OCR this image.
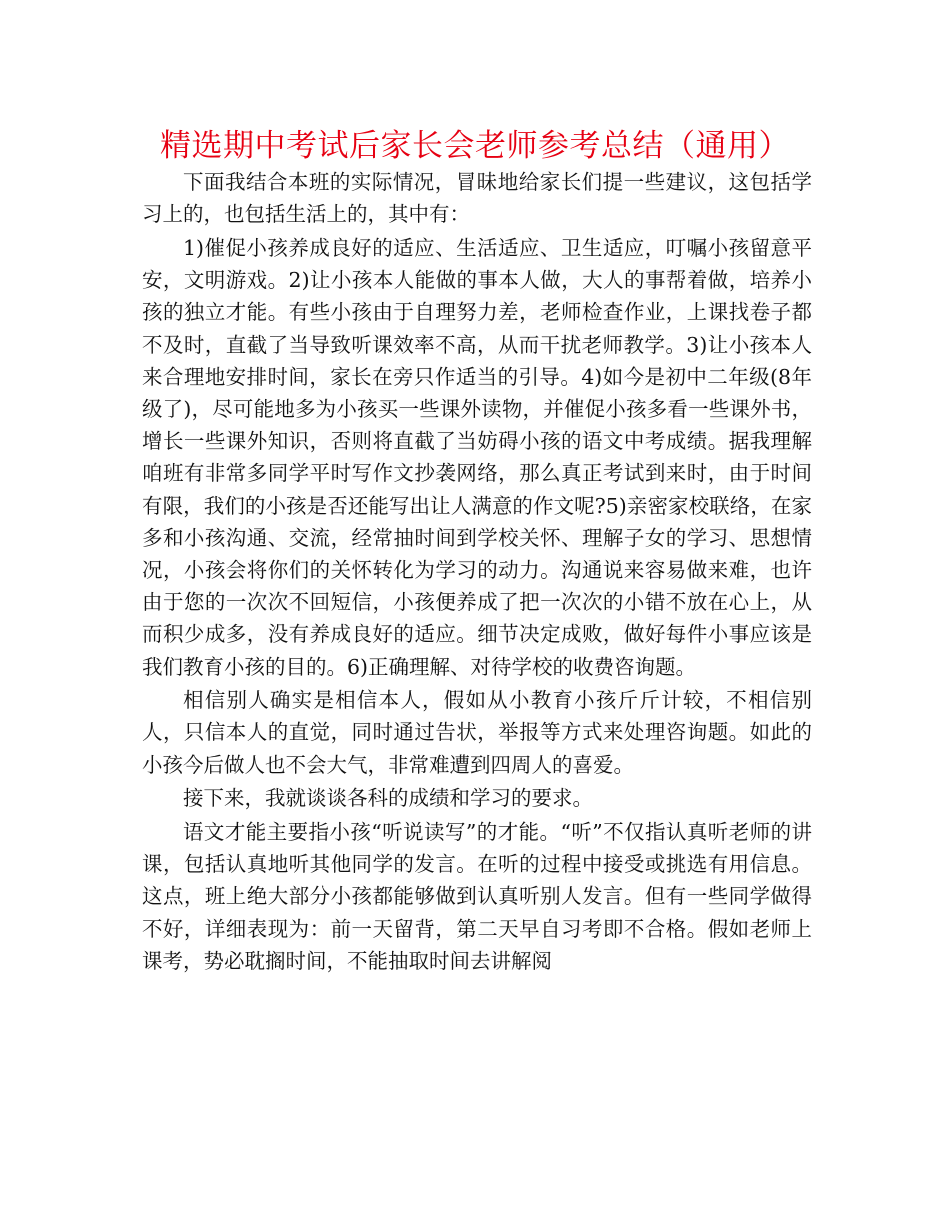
精选期中考试后家长会老师参考总结（通用）

下面我结合本班的实际情况，冒昧地给家长们提一些建议，这包括学习上的，也包括生活上的，其中有：

1)催促小孩养成良好的适应、生活适应、卫生适应，叮嘱小孩留意平安，文明游戏。2)让小孩本人能做的事本人做，大人的事帮着做，培养小孩的独立才能。有些小孩由于自理努力差，老师检查作业，上课找卷子都不及时，直截了当导致听课效率不高，从而干扰老师教学。3)让小孩本人来合理地安排时间，家长在旁只作适当的引导。4)如今是初中二年级(8年级了)，尽可能地多为小孩买一些课外读物，并催促小孩多看一些课外书，增长一些课外知识，否则将直截了当妨碍小孩的语文中考成绩。据我理解咱班有非常多同学平时写作文抄袭网络，那么真正考试到来时，由于时间有限，我们的小孩是否还能写出让人满意的作文呢?5)亲密家校联络，在家多和小孩沟通、交流，经常抽时间到学校关怀、理解子女的学习、思想情况，小孩会将你们的关怀转化为学习的动力。沟通说来容易做来难，也许由于您的一次次不回短信，小孩便养成了把一次次的小错不放在心上，从而积少成多，没有养成良好的适应。细节决定成败，做好每件小事应该是我们教育小孩的目的。6)正确理解、对待学校的收费咨询题。

相信别人确实是相信本人，假如从小教育小孩斤斤计较，不相信别人，只信本人的直觉，同时通过告状，举报等方式来处理咨询题。如此的小孩今后做人也不会大气，非常难遭到四周人的喜爱。

接下来，我就谈谈各科的成绩和学习的要求。

语文才能主要指小孩“听说读写”的才能。“听”不仅指认真听老师的讲课，包括认真地听其他同学的发言。在听的过程中接受或挑选有用信息。这点，班上绝大部分小孩都能够做到认真听别人发言。但有一些同学做得不好，详细表现为：前一天留背，第二天早自习考即不合格。假如老师上课考，势必耽搁时间，不能抽取时间去讲解阅
